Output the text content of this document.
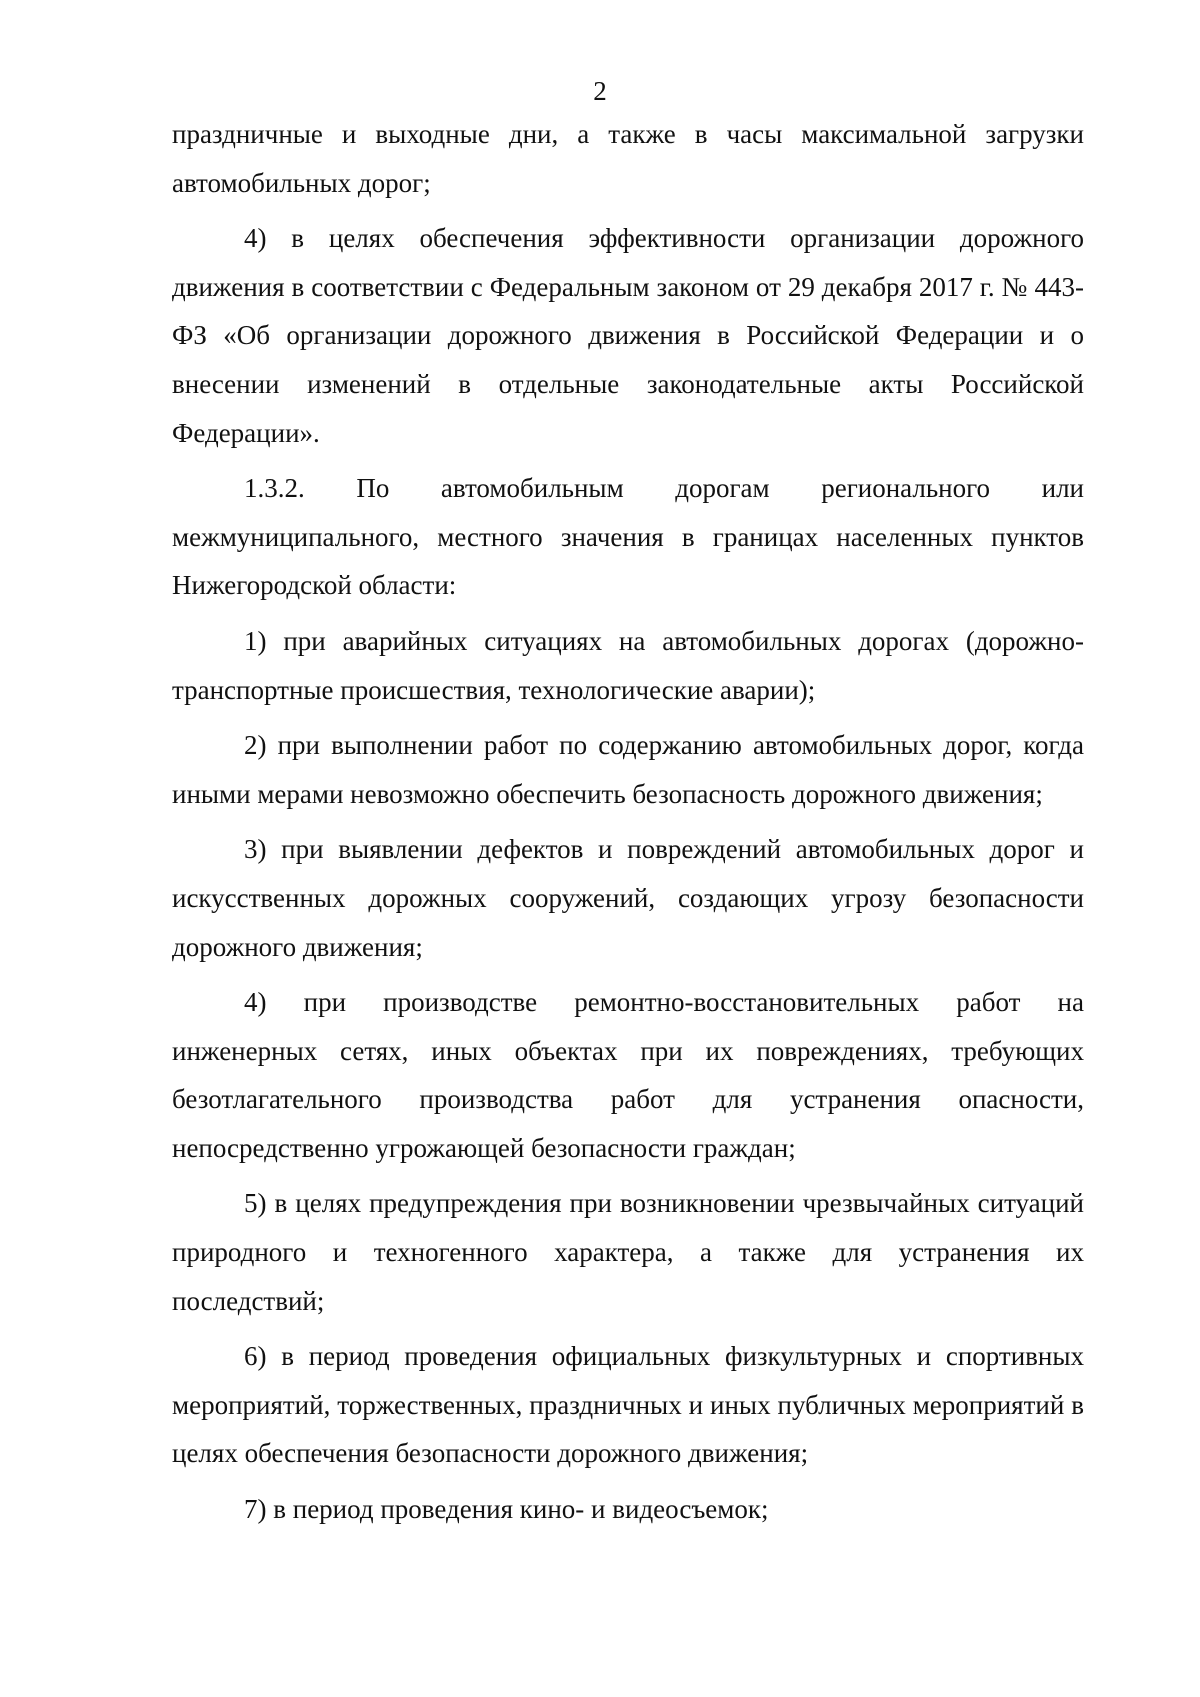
2

праздничные и выходные дни, а также в часы максимальной загрузки автомобильных дорог;

4) в целях обеспечения эффективности организации дорожного движения в соответствии с Федеральным законом от 29 декабря 2017 г. № 443-ФЗ «Об организации дорожного движения в Российской Федерации и о внесении изменений в отдельные законодательные акты Российской Федерации».

1.3.2. По автомобильным дорогам регионального или межмуниципального, местного значения в границах населенных пунктов Нижегородской области:

1) при аварийных ситуациях на автомобильных дорогах (дорожно-транспортные происшествия, технологические аварии);

2) при выполнении работ по содержанию автомобильных дорог, когда иными мерами невозможно обеспечить безопасность дорожного движения;

3) при выявлении дефектов и повреждений автомобильных дорог и искусственных дорожных сооружений, создающих угрозу безопасности дорожного движения;

4) при производстве ремонтно-восстановительных работ на инженерных сетях, иных объектах при их повреждениях, требующих безотлагательного производства работ для устранения опасности, непосредственно угрожающей безопасности граждан;

5) в целях предупреждения при возникновении чрезвычайных ситуаций природного и техногенного характера, а также для устранения их последствий;

6) в период проведения официальных физкультурных и спортивных мероприятий, торжественных, праздничных и иных публичных мероприятий в целях обеспечения безопасности дорожного движения;

7) в период проведения кино- и видеосъемок;
